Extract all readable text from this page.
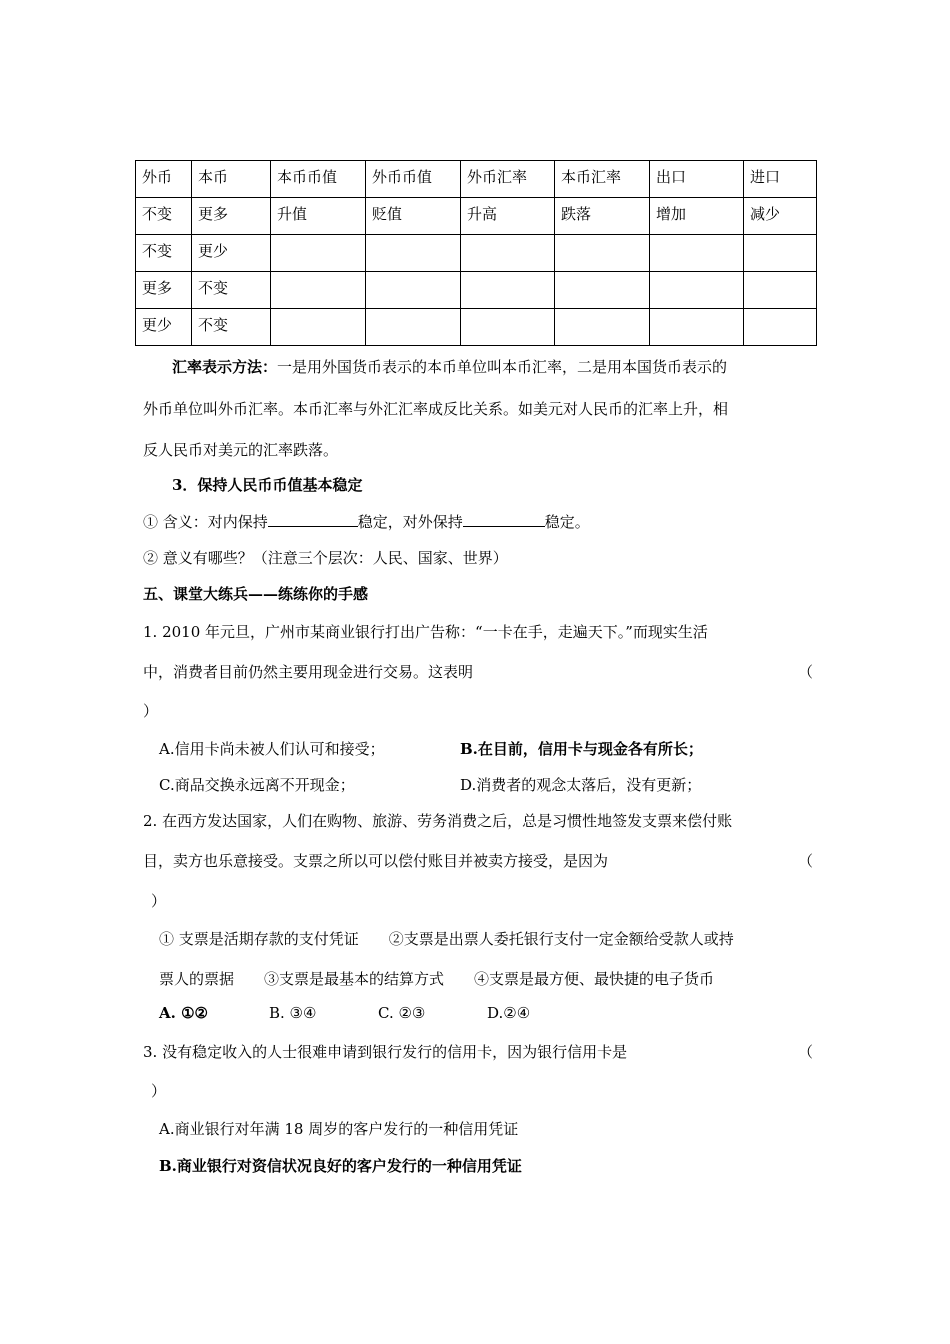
外币	本币	本币币值	外币币值	外币汇率	本币汇率	出口	进口
不变	更多	升值	贬值	升高	跌落	增加	减少
不变	更少						
更多	不变						
更少	不变						
汇率表示方法：一是用外国货币表示的本币单位叫本币汇率，二是用本国货币表示的
外币单位叫外币汇率。本币汇率与外汇汇率成反比关系。如美元对人民币的汇率上升，相
反人民币对美元的汇率跌落。
3．保持人民币币值基本稳定
① 含义：对内保持	稳定，对外保持	稳定。
② 意义有哪些？（注意三个层次：人民、国家、世界）
五、课堂大练兵——练练你的手感
1. 2010 年元旦，广州市某商业银行打出广告称：“一卡在手，走遍天下。”而现实生活
中，消费者目前仍然主要用现金进行交易。这表明	（
）
A.信用卡尚未被人们认可和接受；	B.在目前，信用卡与现金各有所长；
C.商品交换永远离不开现金；	D.消费者的观念太落后，没有更新；
2. 在西方发达国家，人们在购物、旅游、劳务消费之后，总是习惯性地签发支票来偿付账
目，卖方也乐意接受。支票之所以可以偿付账目并被卖方接受，是因为	（
）
① 支票是活期存款的支付凭证 ②支票是出票人委托银行支付一定金额给受款人或持
票人的票据 ③支票是最基本的结算方式 ④支票是最方便、最快捷的电子货币
A. ①②	B. ③④	C. ②③	D.②④
3. 没有稳定收入的人士很难申请到银行发行的信用卡，因为银行信用卡是	（
）
A.商业银行对年满 18 周岁的客户发行的一种信用凭证
B.商业银行对资信状况良好的客户发行的一种信用凭证
